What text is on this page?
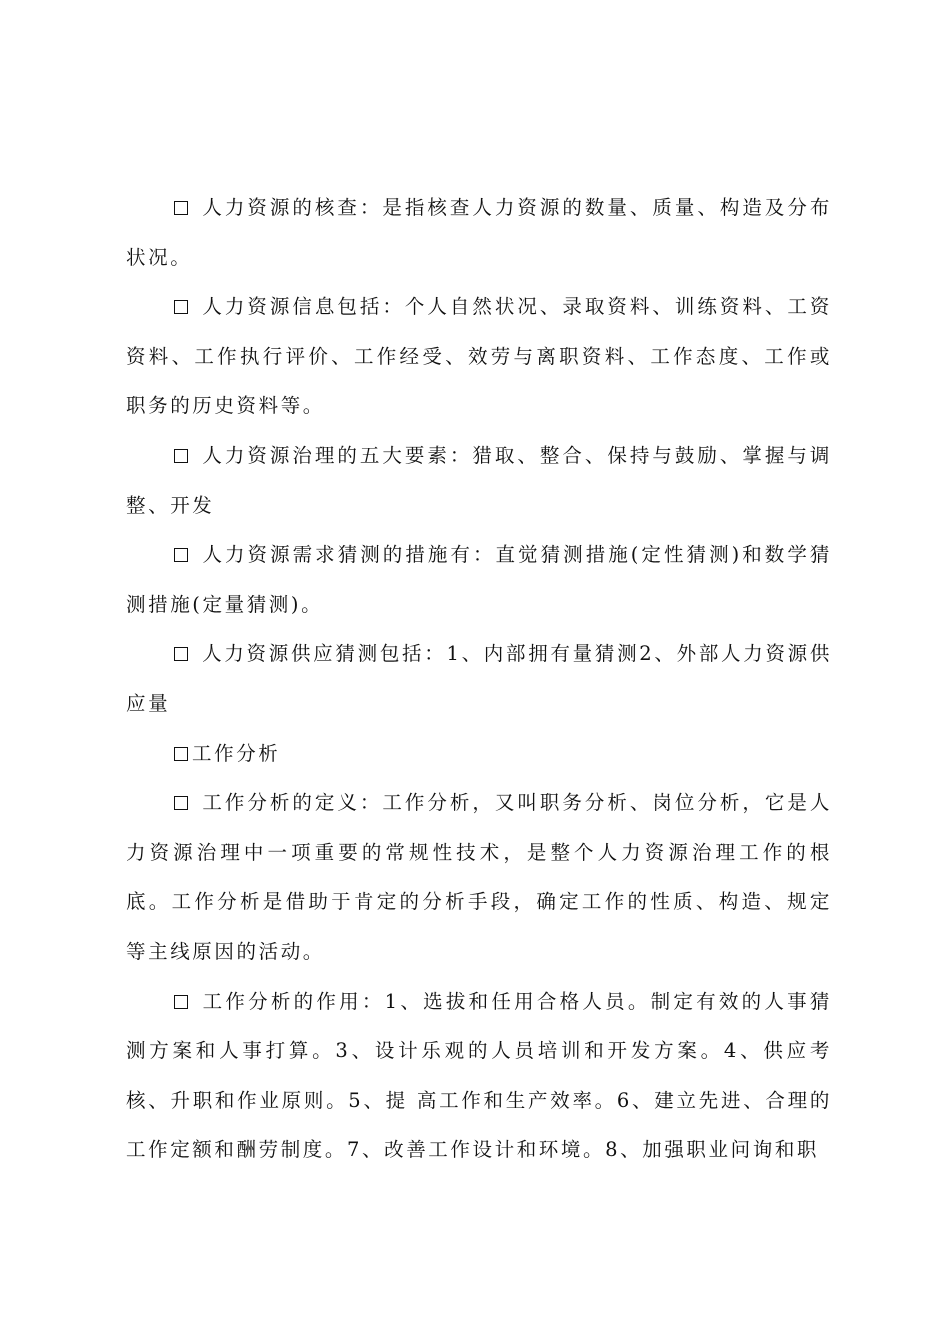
人力资源的核查：是指核查人力资源的数量、质量、构造及分布状况。

人力资源信息包括：个人自然状况、录取资料、训练资料、工资资料、工作执行评价、工作经受、效劳与离职资料、工作态度、工作或职务的历史资料等。

人力资源治理的五大要素：猎取、整合、保持与鼓励、掌握与调整、开发

人力资源需求猜测的措施有：直觉猜测措施(定性猜测)和数学猜测措施(定量猜测)。

人力资源供应猜测包括：1、内部拥有量猜测2、外部人力资源供应量

工作分析

工作分析的定义：工作分析，又叫职务分析、岗位分析，它是人力资源治理中一项重要的常规性技术，是整个人力资源治理工作的根底。工作分析是借助于肯定的分析手段，确定工作的性质、构造、规定等主线原因的活动。

工作分析的作用：1、选拔和任用合格人员。制定有效的人事猜测方案和人事打算。3、设计乐观的人员培训和开发方案。4、供应考核、升职和作业原则。5、提 高工作和生产效率。6、建立先进、合理的工作定额和酬劳制度。7、改善工作设计和环境。8、加强职业问询和职
